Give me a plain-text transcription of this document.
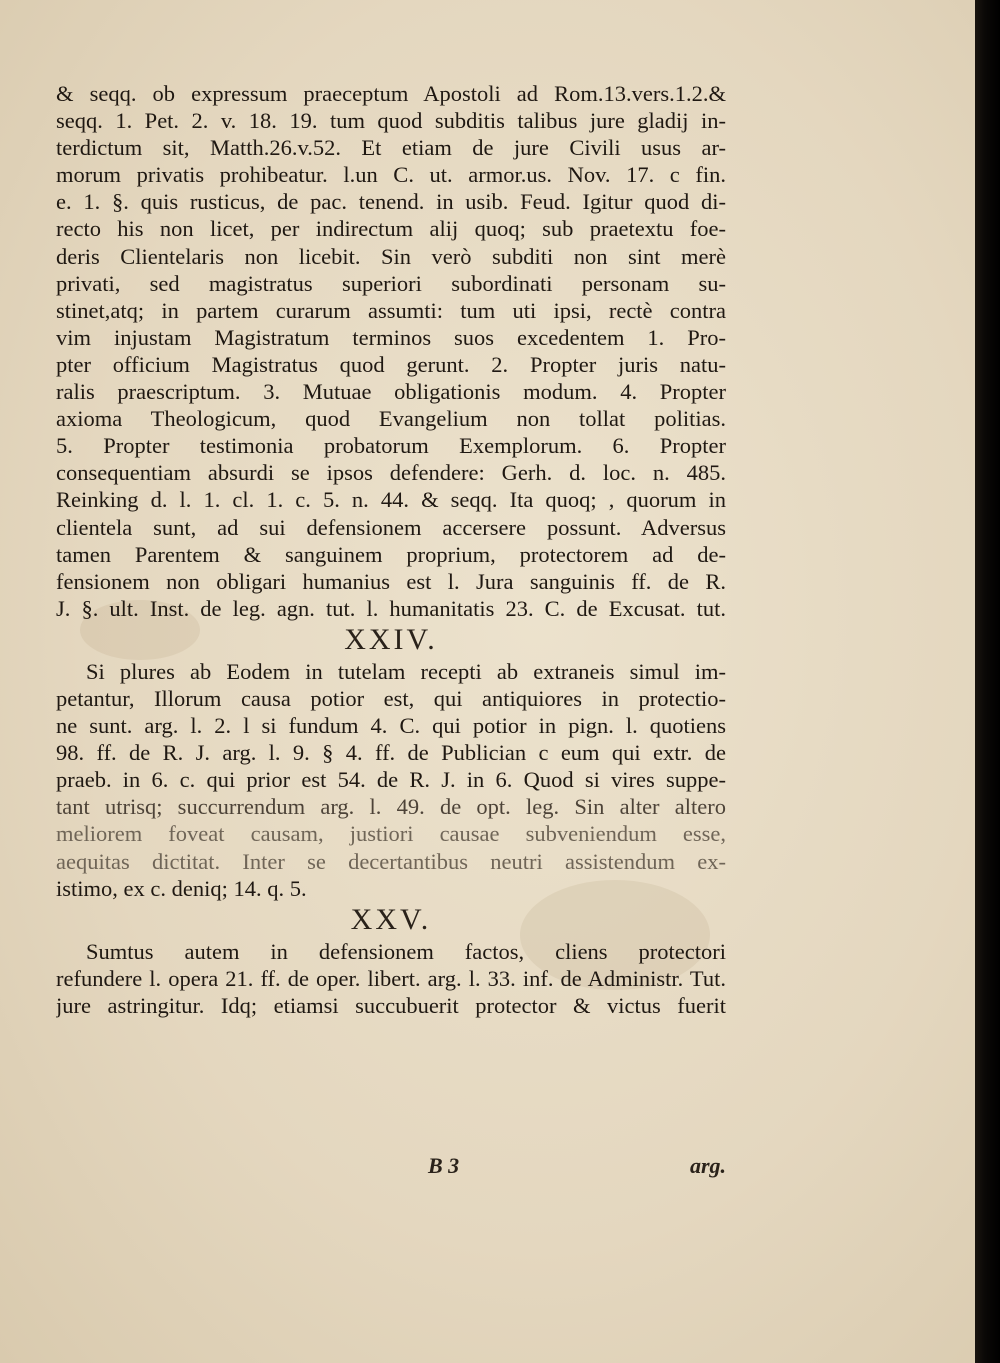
& seqq. ob expressum praeceptum Apostoli ad Rom.13.vers.1.2.&
seqq. 1. Pet. 2. v. 18. 19. tum quod subditis talibus jure gladij in-
terdictum sit, Matth.26.v.52. Et etiam de jure Civili usus ar-
morum privatis prohibeatur. l.un C. ut. armor.us. Nov. 17. c fin.
e. 1. §. quis rusticus, de pac. tenend. in usib. Feud. Igitur quod di-
recto his non licet, per indirectum alij quoq; sub praetextu foe-
deris Clientelaris non licebit. Sin verò subditi non sint merè
privati, sed magistratus superiori subordinati personam su-
stinet,atq; in partem curarum assumti: tum uti ipsi, rectè contra
vim injustam Magistratum terminos suos excedentem 1. Pro-
pter officium Magistratus quod gerunt. 2. Propter juris natu-
ralis praescriptum. 3. Mutuae obligationis modum. 4. Propter
axioma Theologicum, quod Evangelium non tollat politias.
5. Propter testimonia probatorum Exemplorum. 6. Propter
consequentiam absurdi se ipsos defendere: Gerh. d. loc. n. 485.
Reinking d. l. 1. cl. 1. c. 5. n. 44. & seqq. Ita quoq; , quorum in
clientela sunt, ad sui defensionem accersere possunt. Adversus
tamen Parentem & sanguinem proprium, protectorem ad de-
fensionem non obligari humanius est l. Jura sanguinis ff. de R.
J. §. ult. Inst. de leg. agn. tut. l. humanitatis 23. C. de Excusat. tut.
XXIV.
Si plures ab Eodem in tutelam recepti ab extraneis simul im-
petantur, Illorum causa potior est, qui antiquiores in protectio-
ne sunt. arg. l. 2. l si fundum 4. C. qui potior in pign. l. quotiens
98. ff. de R. J. arg. l. 9. § 4. ff. de Publician c eum qui extr. de
praeb. in 6. c. qui prior est 54. de R. J. in 6. Quod si vires suppe-
tant utrisq; succurrendum arg. l. 49. de opt. leg. Sin alter altero
meliorem foveat causam, justiori causae subveniendum esse,
aequitas dictitat. Inter se decertantibus neutri assistendum ex-
istimo, ex c. deniq; 14. q. 5.
XXV.
Sumtus autem in defensionem factos, cliens protectori
refundere l. opera 21. ff. de oper. libert. arg. l. 33. inf. de Administr. Tut.
jure astringitur. Idq; etiamsi succubuerit protector & victus fuerit
B 3	arg.
